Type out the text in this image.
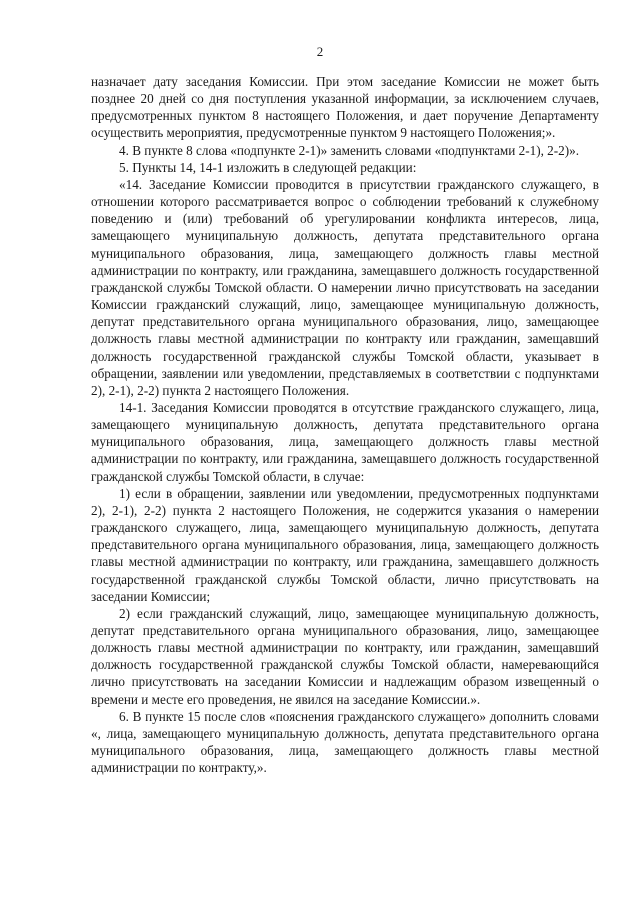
2

назначает дату заседания Комиссии. При этом заседание Комиссии не может быть позднее 20 дней со дня поступления указанной информации, за исключением случаев, предусмотренных пунктом 8 настоящего Положения, и дает поручение Департаменту осуществить мероприятия, предусмотренные пунктом 9 настоящего Положения;».

4. В пункте 8 слова «подпункте 2-1)» заменить словами «подпунктами 2-1), 2-2)».

5. Пункты 14, 14-1 изложить в следующей редакции:

«14. Заседание Комиссии проводится в присутствии гражданского служащего, в отношении которого рассматривается вопрос о соблюдении требований к служебному поведению и (или) требований об урегулировании конфликта интересов, лица, замещающего муниципальную должность, депутата представительного органа муниципального образования, лица, замещающего должность главы местной администрации по контракту, или гражданина, замещавшего должность государственной гражданской службы Томской области. О намерении лично присутствовать на заседании Комиссии гражданский служащий, лицо, замещающее муниципальную должность, депутат представительного органа муниципального образования, лицо, замещающее должность главы местной администрации по контракту или гражданин, замещавший должность государственной гражданской службы Томской области, указывает в обращении, заявлении или уведомлении, представляемых в соответствии с подпунктами 2), 2-1), 2-2) пункта 2 настоящего Положения.

14-1. Заседания Комиссии проводятся в отсутствие гражданского служащего, лица, замещающего муниципальную должность, депутата представительного органа муниципального образования, лица, замещающего должность главы местной администрации по контракту, или гражданина, замещавшего должность государственной гражданской службы Томской области, в случае:

1) если в обращении, заявлении или уведомлении, предусмотренных подпунктами 2), 2-1), 2-2) пункта 2 настоящего Положения, не содержится указания о намерении гражданского служащего, лица, замещающего муниципальную должность, депутата представительного органа муниципального образования, лица, замещающего должность главы местной администрации по контракту, или гражданина, замещавшего должность государственной гражданской службы Томской области, лично присутствовать на заседании Комиссии;

2) если гражданский служащий, лицо, замещающее муниципальную должность, депутат представительного органа муниципального образования, лицо, замещающее должность главы местной администрации по контракту, или гражданин, замещавший должность государственной гражданской службы Томской области, намеревающийся лично присутствовать на заседании Комиссии и надлежащим образом извещенный о времени и месте его проведения, не явился на заседание Комиссии.».

6. В пункте 15 после слов «пояснения гражданского служащего» дополнить словами «, лица, замещающего муниципальную должность, депутата представительного органа муниципального образования, лица, замещающего должность главы местной администрации по контракту,».
